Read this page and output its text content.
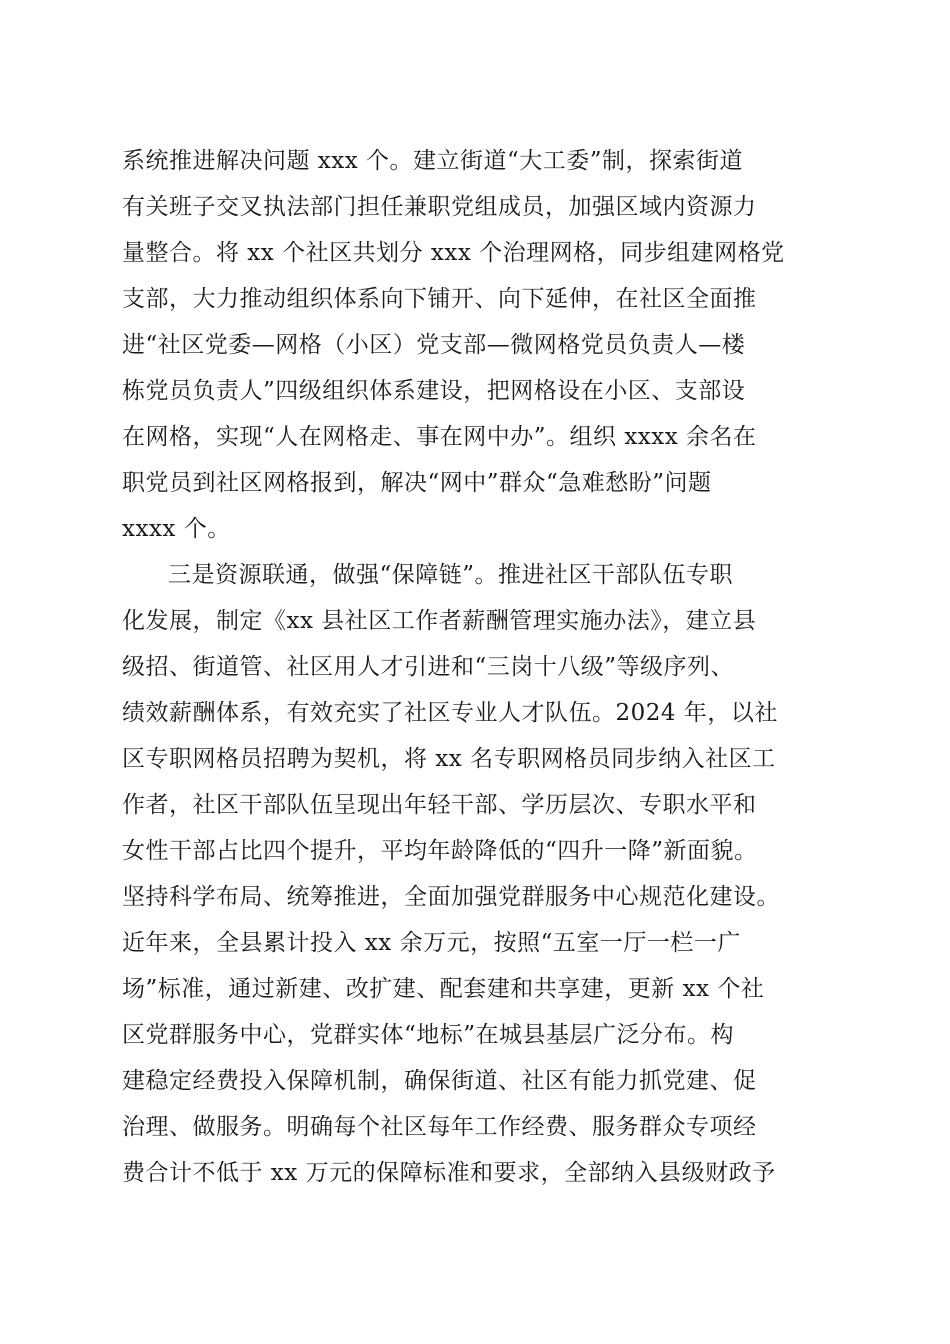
系统推进解决问题 xxx 个。建立街道“大工委”制，探索街道
有关班子交叉执法部门担任兼职党组成员，加强区域内资源力
量整合。将 xx 个社区共划分 xxx 个治理网格，同步组建网格党
支部，大力推动组织体系向下铺开、向下延伸，在社区全面推
进“社区党委—网格（小区）党支部—微网格党员负责人—楼
栋党员负责人”四级组织体系建设，把网格设在小区、支部设
在网格，实现“人在网格走、事在网中办”。组织 xxxx 余名在
职党员到社区网格报到，解决“网中”群众“急难愁盼”问题
xxxx 个。
三是资源联通，做强“保障链”。推进社区干部队伍专职
化发展，制定《xx 县社区工作者薪酬管理实施办法》，建立县
级招、街道管、社区用人才引进和“三岗十八级”等级序列、
绩效薪酬体系，有效充实了社区专业人才队伍。2024 年，以社
区专职网格员招聘为契机，将 xx 名专职网格员同步纳入社区工
作者，社区干部队伍呈现出年轻干部、学历层次、专职水平和
女性干部占比四个提升，平均年龄降低的“四升一降”新面貌。
坚持科学布局、统筹推进，全面加强党群服务中心规范化建设。
近年来，全县累计投入 xx 余万元，按照“五室一厅一栏一广
场”标准，通过新建、改扩建、配套建和共享建，更新 xx 个社
区党群服务中心，党群实体“地标”在城县基层广泛分布。构
建稳定经费投入保障机制，确保街道、社区有能力抓党建、促
治理、做服务。明确每个社区每年工作经费、服务群众专项经
费合计不低于 xx 万元的保障标准和要求，全部纳入县级财政予
